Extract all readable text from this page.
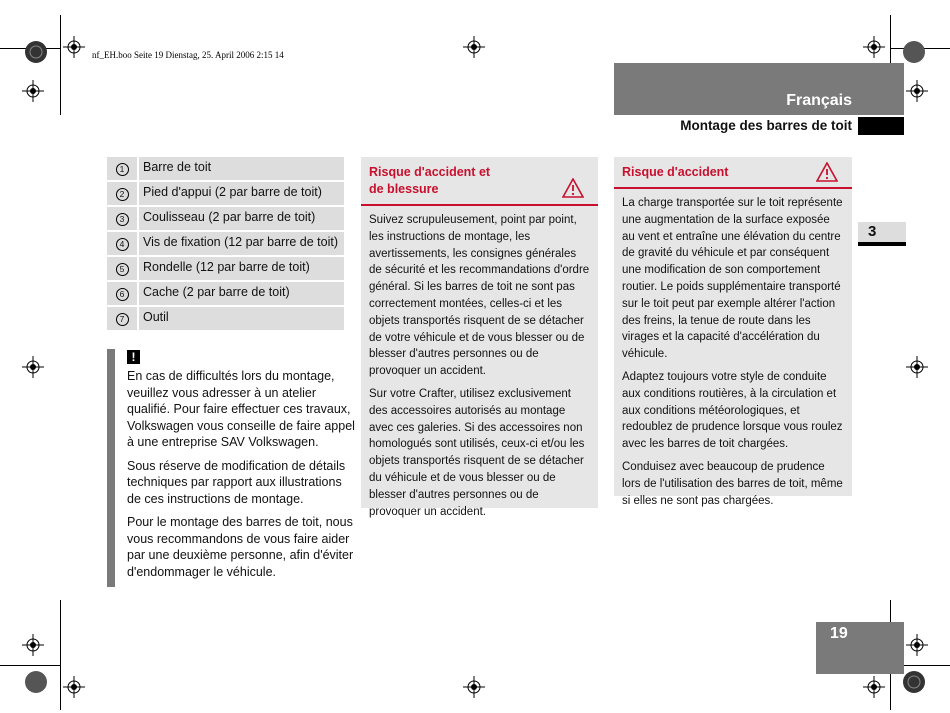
nf_EH.boo Seite 19 Dienstag, 25. April 2006 2:15 14
Français
Montage des barres de toit
3
1	Barre de toit
2	Pied d'appui (2 par barre de toit)
3	Coulisseau (2 par barre de toit)
4	Vis de fixation (12 par barre de toit)
5	Rondelle (12 par barre de toit)
6	Cache (2 par barre de toit)
7	Outil
!

En cas de difficultés lors du montage, veuillez vous adresser à un atelier qualifié. Pour faire effectuer ces travaux, Volkswagen vous conseille de faire appel à une entreprise SAV Volkswagen.

Sous réserve de modification de détails techniques par rapport aux illustrations de ces instructions de montage.

Pour le montage des barres de toit, nous vous recommandons de vous faire aider par une deuxième personne, afin d'éviter d'endommager le véhicule.

Risque d'accident et
de blessure

Suivez scrupuleusement, point par point, les instructions de montage, les avertissements, les consignes générales de sécurité et les recommandations d'ordre général. Si les barres de toit ne sont pas correctement montées, celles-ci et les objets transportés risquent de se détacher de votre véhicule et de vous blesser ou de blesser d'autres personnes ou de provoquer un accident.

Sur votre Crafter, utilisez exclusivement des accessoires autorisés au montage avec ces galeries. Si des accessoires non homologués sont utilisés, ceux-ci et/ou les objets transportés risquent de se détacher du véhicule et de vous blesser ou de blesser d'autres personnes ou de provoquer un accident.

Risque d'accident

La charge transportée sur le toit représente une augmentation de la surface exposée au vent et entraîne une élévation du centre de gravité du véhicule et par conséquent une modification de son comportement routier. Le poids supplémentaire transporté sur le toit peut par exemple altérer l'action des freins, la tenue de route dans les virages et la capacité d'accélération du véhicule.

Adaptez toujours votre style de conduite aux conditions routières, à la circulation et aux conditions météorologiques, et redoublez de prudence lorsque vous roulez avec les barres de toit chargées.

Conduisez avec beaucoup de prudence lors de l'utilisation des barres de toit, même si elles ne sont pas chargées.

19
